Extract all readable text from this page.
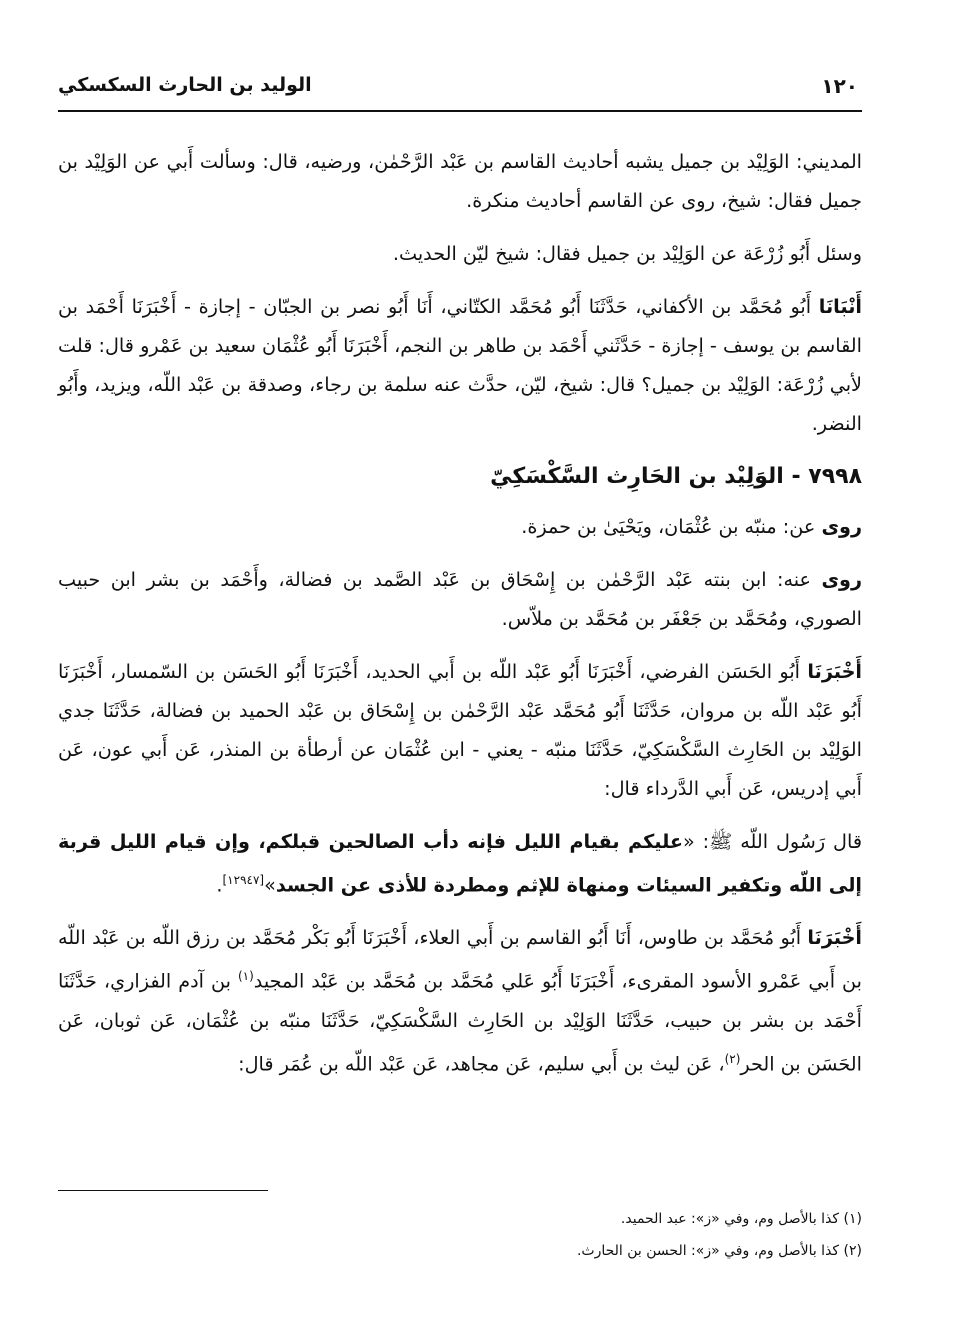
١٢٠
الوليد بن الحارث السكسكي

المديني: الوَلِيْد بن جميل يشبه أحاديث القاسم بن عَبْد الرَّحْمٰن، ورضيه، قال: وسألت أَبي عن الوَلِيْد بن جميل فقال: شيخ، روى عن القاسم أحاديث منكرة.

وسئل أَبُو زُرْعَة عن الوَلِيْد بن جميل فقال: شيخ ليّن الحديث.

أَنْبَانَا أَبُو مُحَمَّد بن الأكفاني، حَدَّثَنَا أَبُو مُحَمَّد الكتّاني، أَنَا أَبُو نصر بن الجبّان - إجازة - أَخْبَرَنَا أَحْمَد بن القاسم بن يوسف - إجازة - حَدَّثَني أَحْمَد بن طاهر بن النجم، أَخْبَرَنَا أَبُو عُثْمَان سعيد بن عَمْرو قال: قلت لأبي زُرْعَة: الوَلِيْد بن جميل؟ قال: شيخ، ليّن، حدَّث عنه سلمة بن رجاء، وصدقة بن عَبْد اللّه، ويزيد، وأَبُو النضر.

٧٩٩٨ - الوَلِيْد بن الحَارِث السَّكْسَكِيّ

روى عن: منبّه بن عُثْمَان، ويَحْيَىٰ بن حمزة.

روى عنه: ابن بنته عَبْد الرَّحْمٰن بن إِسْحَاق بن عَبْد الصَّمد بن فضالة، وأَحْمَد بن بشر ابن حبيب الصوري، ومُحَمَّد بن جَعْفَر بن مُحَمَّد بن ملاّس.

أَخْبَرَنَا أَبُو الحَسَن الفرضي، أَخْبَرَنَا أَبُو عَبْد اللّه بن أَبي الحديد، أَخْبَرَنَا أَبُو الحَسَن بن السّمسار، أَخْبَرَنَا أَبُو عَبْد اللّه بن مروان، حَدَّثَنَا أَبُو مُحَمَّد عَبْد الرَّحْمٰن بن إِسْحَاق بن عَبْد الحميد بن فضالة، حَدَّثَنَا جدي الوَلِيْد بن الحَارِث السَّكْسَكِيّ، حَدَّثَنَا منبّه - يعني - ابن عُثْمَان عن أرطأة بن المنذر، عَن أَبي عون، عَن أَبي إدريس، عَن أَبي الدَّرداء قال:

قال رَسُول اللّه ﷺ: «عليكم بقيام الليل فإنه دأب الصالحين قبلكم، وإن قيام الليل قربة إلى اللّه وتكفير السيئات ومنهاة للإثم ومطردة للأذى عن الجسد»[١٢٩٤٧].

أَخْبَرَنَا أَبُو مُحَمَّد بن طاوس، أَنَا أَبُو القاسم بن أَبي العلاء، أَخْبَرَنَا أَبُو بَكْر مُحَمَّد بن رزق اللّه بن عَبْد اللّه بن أَبي عَمْرو الأسود المقرىء، أَخْبَرَنَا أَبُو عَلي مُحَمَّد بن مُحَمَّد بن عَبْد المجيد$^{(١)}$ بن آدم الفزاري، حَدَّثَنَا أَحْمَد بن بشر بن حبيب، حَدَّثَنَا الوَلِيْد بن الحَارِث السَّكْسَكِيّ، حَدَّثَنَا منبّه بن عُثْمَان، عَن ثوبان، عَن الحَسَن بن الحر$^{(٢)}$، عَن ليث بن أَبي سليم، عَن مجاهد، عَن عَبْد اللّه بن عُمَر قال:

(١) كذا بالأصل وم، وفي «ز»: عبد الحميد.

(٢) كذا بالأصل وم، وفي «ز»: الحسن بن الحارث.
